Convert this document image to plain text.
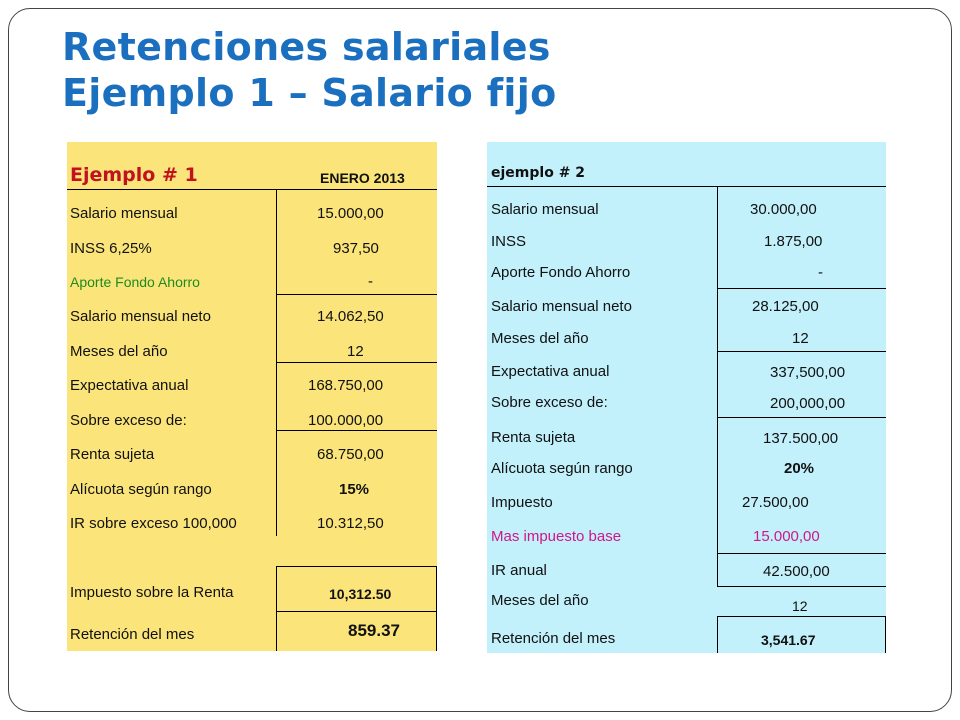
Retenciones salariales
Ejemplo 1 – Salario fijo
Ejemplo # 1	ENERO 2013
Salario mensual	15.000,00
INSS 6,25%	937,50
Aporte Fondo Ahorro	-
Salario mensual neto	14.062,50
Meses del año	12
Expectativa anual	168.750,00
Sobre exceso de:	100.000,00
Renta sujeta	68.750,00
Alícuota según rango	15%
IR sobre exceso 100,000	10.312,50
Impuesto sobre la Renta	10,312.50
Retención del mes	859.37
ejemplo # 2
Salario mensual	30.000,00
INSS	1.875,00
Aporte Fondo Ahorro	-
Salario mensual neto	28.125,00
Meses del año	12
Expectativa anual	337,500,00
Sobre exceso de:	200,000,00
Renta sujeta	137.500,00
Alícuota según rango	20%
Impuesto	27.500,00
Mas impuesto base	15.000,00
IR anual	42.500,00
Meses del año	12
Retención del mes	3,541.67
